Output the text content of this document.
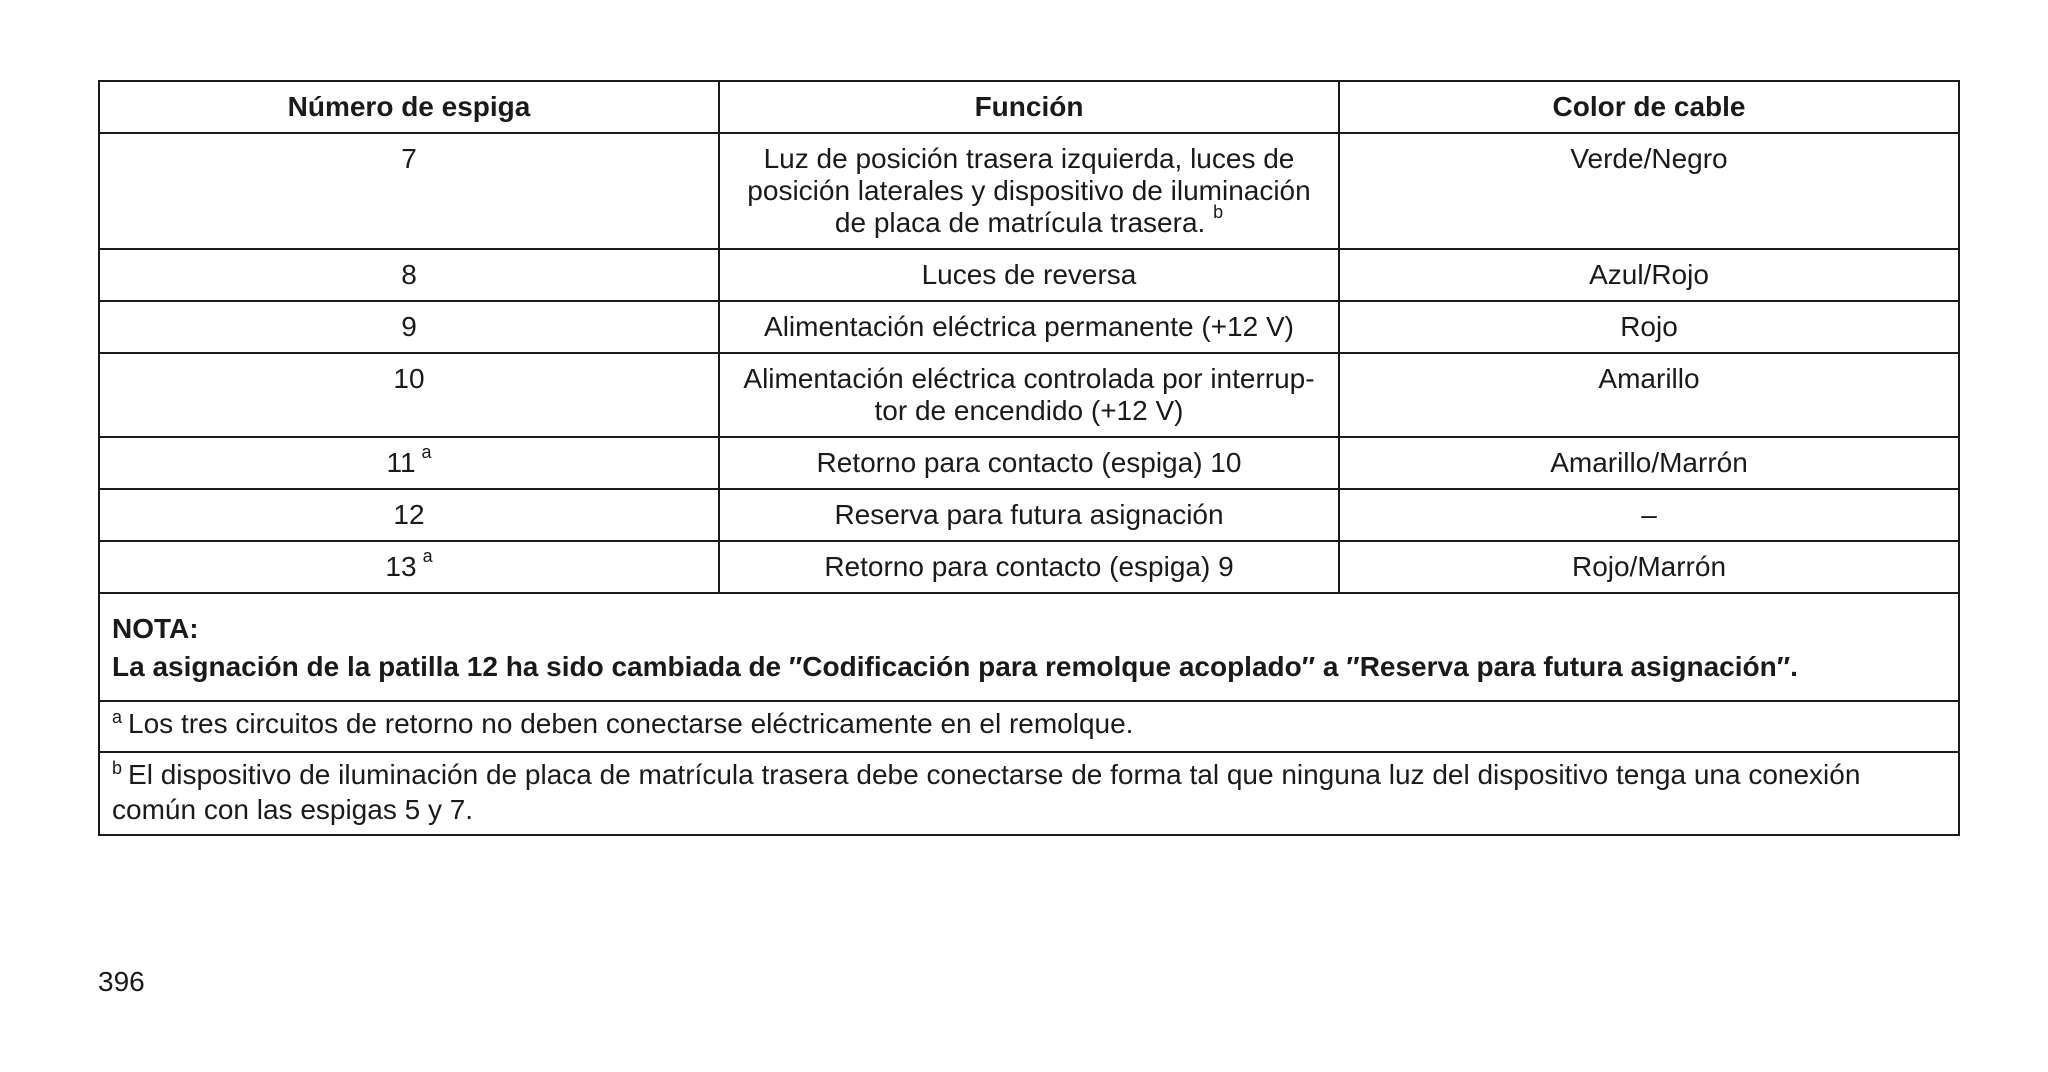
Número de espiga	Función	Color de cable
7	Luz de posición trasera izquierda, luces de
posición laterales y dispositivo de iluminación
de placa de matrícula trasera. $^b$	Verde/Negro
8	Luces de reversa	Azul/Rojo
9	Alimentación eléctrica permanente (+12 V)	Rojo
10	Alimentación eléctrica controlada por interrup-
tor de encendido (+12 V)	Amarillo
11 $^a$	Retorno para contacto (espiga) 10	Amarillo/Marrón
12	Reserva para futura asignación	–
13 $^a$	Retorno para contacto (espiga) 9	Rojo/Marrón

NOTA:
La asignación de la patilla 12 ha sido cambiada de ″Codificación para remolque acoplado″ a ″Reserva para futura asignación″.		

$^a$ Los tres circuitos de retorno no deben conectarse eléctricamente en el remolque.		
$^b$ El dispositivo de iluminación de placa de matrícula trasera debe conectarse de forma tal que ninguna luz del dispositivo tenga una conexión
común con las espigas 5 y 7.		
396
